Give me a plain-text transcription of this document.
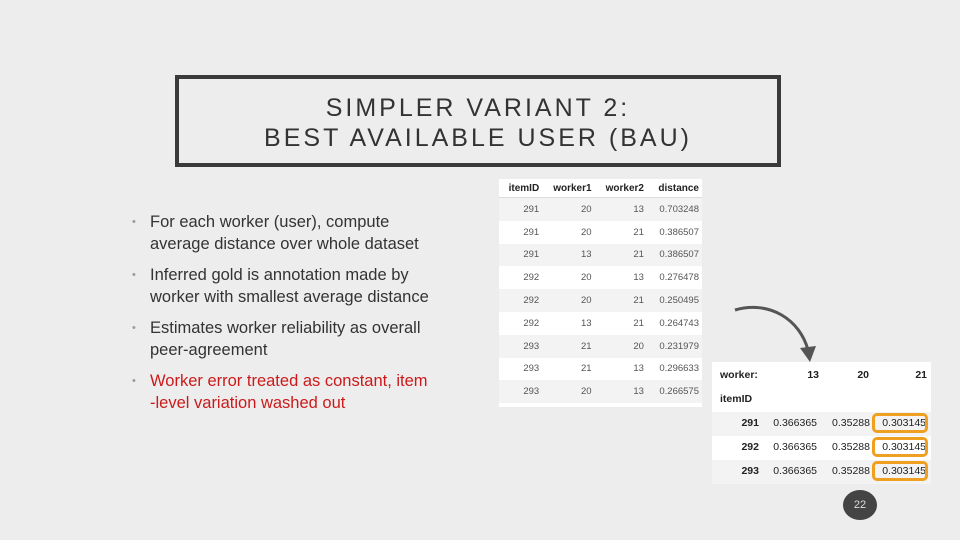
SIMPLER VARIANT 2:
BEST AVAILABLE USER (BAU)
• For each worker (user), compute
average distance over whole dataset
• Inferred gold is annotation made by
worker with smallest average distance
• Estimates worker reliability as overall
peer-agreement
• Worker error treated as constant, item
-level variation washed out
itemID	worker1	worker2	distance
291	20	13	0.703248
291	20	21	0.386507
291	13	21	0.386507
292	20	13	0.276478
292	20	21	0.250495
292	13	21	0.264743
293	21	20	0.231979
293	21	13	0.296633
293	20	13	0.266575
worker:	13	20	21
itemID
291 0.366365 0.35288 0.303145
292 0.366365 0.35288 0.303145
293 0.366365 0.35288 0.303145
22
